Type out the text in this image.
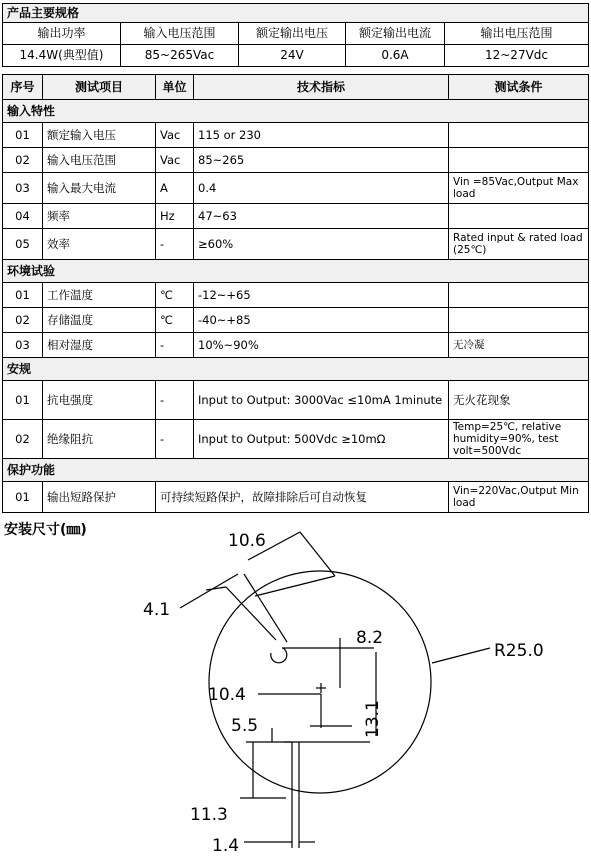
产品主要规格				
输出功率	输入电压范围	额定输出电压	额定输出电流	输出电压范围
14.4W(典型值)	85~265Vac	24V	0.6A	12~27Vdc
序号	测试项目	单位	技术指标	测试条件
输入特性				
01	额定输入电压	Vac	115 or 230	
02	输入电压范围	Vac	85~265	
03	输入最大电流	A	0.4	Vin =85Vac,Output Max load
04	频率	Hz	47~63	
05	效率	-	≥60%	Rated input & rated load (25℃)
环境试验				
01	工作温度	℃	-12~+65	
02	存储温度	℃	-40~+85	
03	相对湿度	-	10%~90%	无冷凝
安规				
01	抗电强度	-	Input to Output: 3000Vac ≤10mA 1minute	无火花现象
02	绝缘阻抗	-	Input to Output: 500Vdc ≥10mΩ	Temp=25℃, relative humidity=90%, test volt=500Vdc
保护功能				
01	输出短路保护	可持续短路保护，故障排除后可自动恢复		Vin=220Vac,Output Min load
安装尺寸(㎜)
10.6
4.1
8.2
R25.0
10.4
13.1
5.5
11.3
1.4
